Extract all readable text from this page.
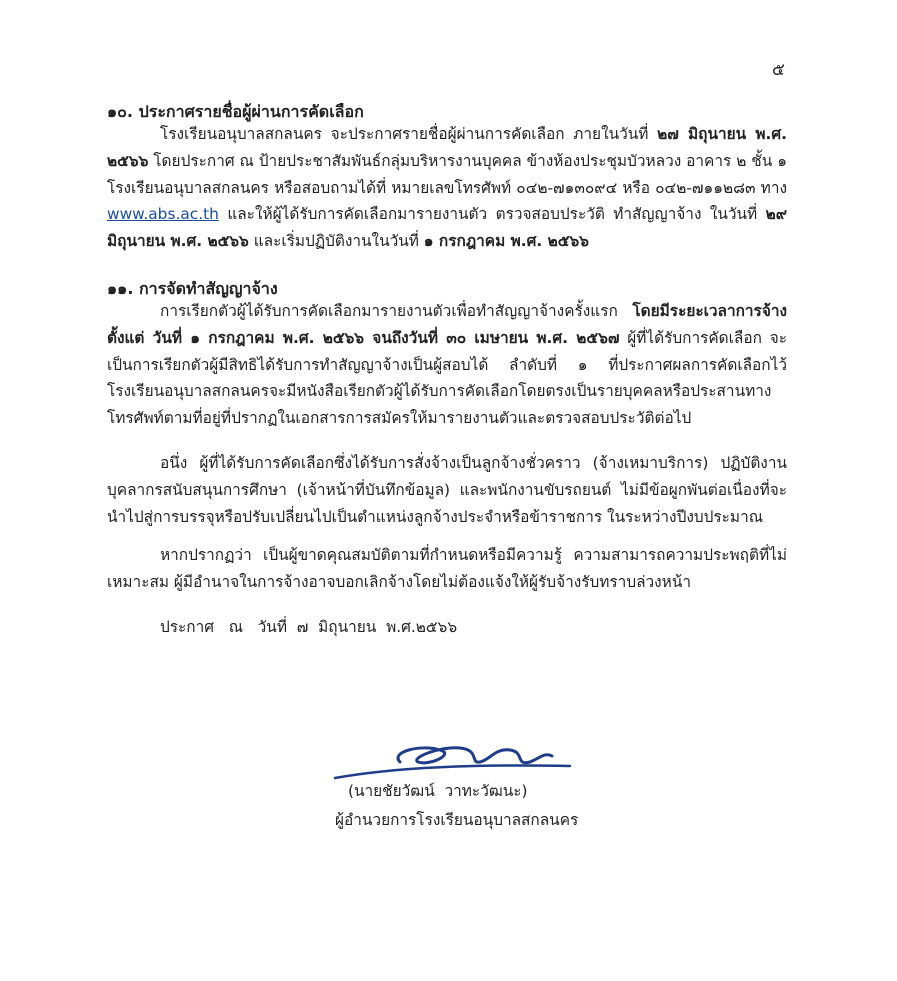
๕
๑๐. ประกาศรายชื่อผู้ผ่านการคัดเลือก
โรงเรียนอนุบาลสกลนคร จะประกาศรายชื่อผู้ผ่านการคัดเลือก ภายในวันที่ ๒๗ มิถุนายน พ.ศ. ๒๕๖๖ โดยประกาศ ณ ป้ายประชาสัมพันธ์กลุ่มบริหารงานบุคคล ข้างห้องประชุมบัวหลวง อาคาร ๒ ชั้น ๑ โรงเรียนอนุบาลสกลนคร หรือสอบถามได้ที่ หมายเลขโทรศัพท์ ๐๔๒-๗๑๓๐๙๔ หรือ ๐๔๒-๗๑๑๒๘๓ ทาง www.abs.ac.th และให้ผู้ได้รับการคัดเลือกมารายงานตัว ตรวจสอบประวัติ ทำสัญญาจ้าง ในวันที่ ๒๙ มิถุนายน พ.ศ. ๒๕๖๖ และเริ่มปฏิบัติงานในวันที่ ๑ กรกฎาคม พ.ศ. ๒๕๖๖
๑๑. การจัดทำสัญญาจ้าง
การเรียกตัวผู้ได้รับการคัดเลือกมารายงานตัวเพื่อทำสัญญาจ้างครั้งแรก โดยมีระยะเวลาการจ้างตั้งแต่ วันที่ ๑ กรกฎาคม พ.ศ. ๒๕๖๖ จนถึงวันที่ ๓๐ เมษายน พ.ศ. ๒๕๖๗ ผู้ที่ได้รับการคัดเลือก จะเป็นการเรียกตัวผู้มีสิทธิได้รับการทำสัญญาจ้างเป็นผู้สอบได้ ลำดับที่ ๑ ที่ประกาศผลการคัดเลือกไว้ โรงเรียนอนุบาลสกลนครจะมีหนังสือเรียกตัวผู้ได้รับการคัดเลือกโดยตรงเป็นรายบุคคลหรือประสานทางโทรศัพท์ตามที่อยู่ที่ปรากฏในเอกสารการสมัครให้มารายงานตัวและตรวจสอบประวัติต่อไป
อนึ่ง ผู้ที่ได้รับการคัดเลือกซึ่งได้รับการสั่งจ้างเป็นลูกจ้างชั่วคราว (จ้างเหมาบริการ) ปฏิบัติงานบุคลากรสนับสนุนการศึกษา (เจ้าหน้าที่บันทึกข้อมูล) และพนักงานขับรถยนต์ ไม่มีข้อผูกพันต่อเนื่องที่จะนำไปสู่การบรรจุหรือปรับเปลี่ยนไปเป็นตำแหน่งลูกจ้างประจำหรือข้าราชการ ในระหว่างปีงบประมาณ
หากปรากฏว่า เป็นผู้ขาดคุณสมบัติตามที่กำหนดหรือมีความรู้ ความสามารถความประพฤติที่ไม่เหมาะสม ผู้มีอำนาจในการจ้างอาจบอกเลิกจ้างโดยไม่ต้องแจ้งให้ผู้รับจ้างรับทราบล่วงหน้า
ประกาศ   ณ   วันที่  ๗  มิถุนายน  พ.ศ.๒๕๖๖
(นายชัยวัฒน์  วาทะวัฒนะ)
ผู้อำนวยการโรงเรียนอนุบาลสกลนคร
